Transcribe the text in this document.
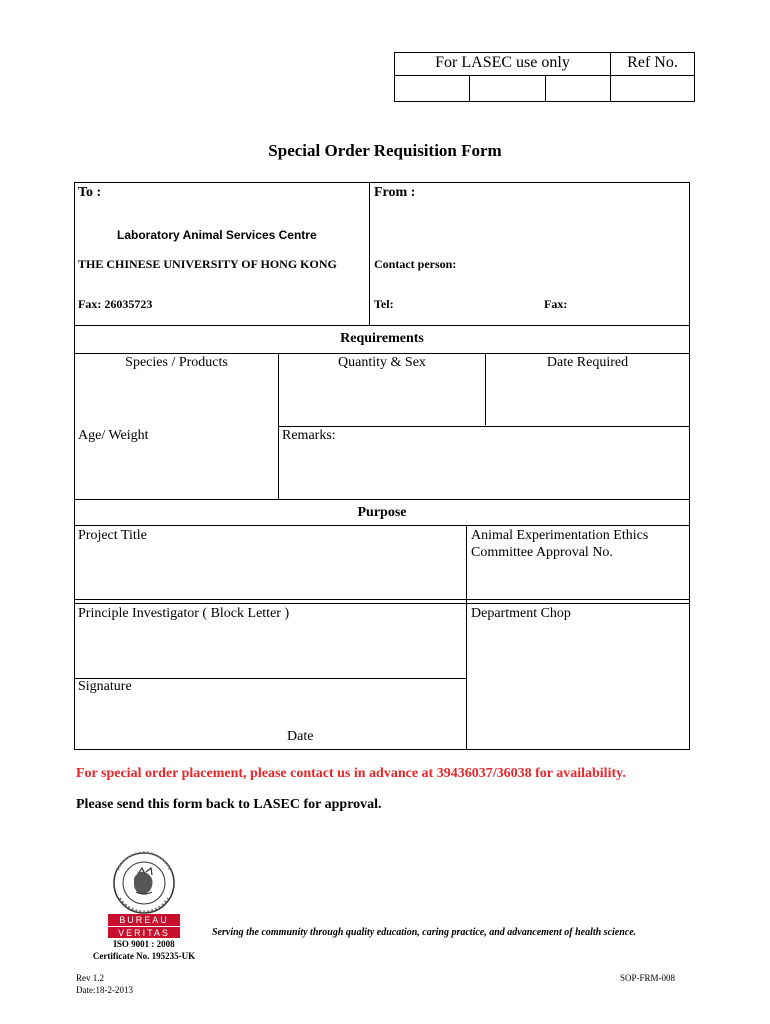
For LASEC use only	Ref No.
Special Order Requisition Form
To :
Laboratory Animal Services Centre
THE CHINESE UNIVERSITY OF HONG KONG
Fax: 26035723
From :
Contact person:
Tel:	Fax:
Requirements
Species / Products	Quantity & Sex	Date Required
Age/ Weight	Remarks:
Purpose
Project Title	Animal Experimentation Ethics
Committee Approval No.
Principle Investigator ( Block Letter )	Department Chop
Signature
Date
For special order placement, please contact us in advance at 39436037/36038 for availability.
Please send this form back to LASEC for approval.
BUREAU
VERITAS
ISO 9001 : 2008
Certificate No. 195235-UK
Serving the community through quality education, caring practice, and advancement of health science.
Rev 1.2
Date:18-2-2013
SOP-FRM-008
